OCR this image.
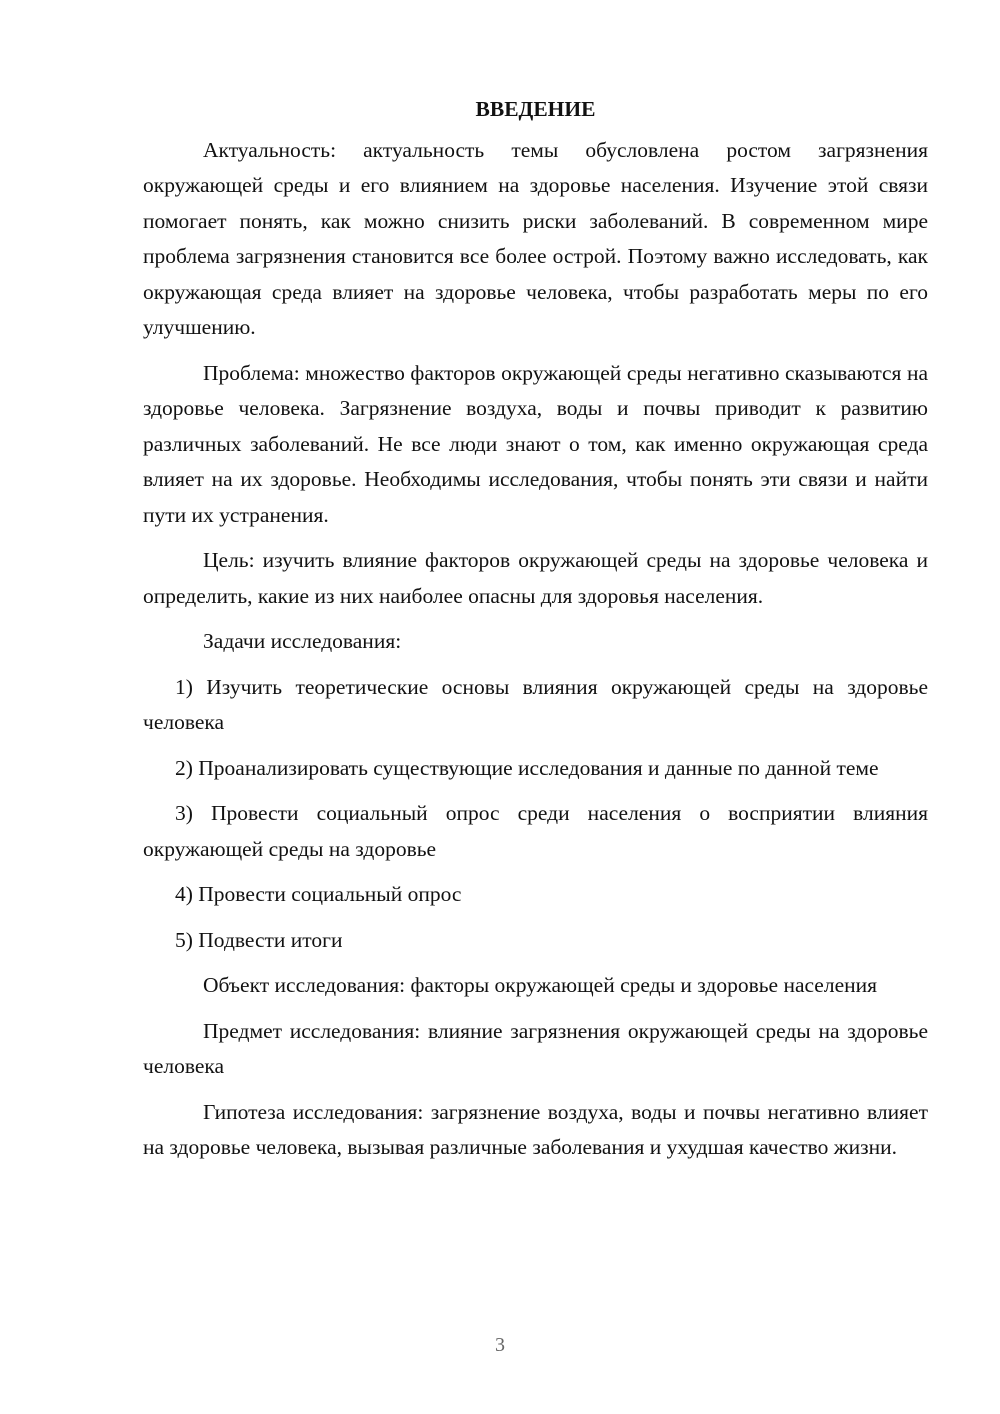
ВВЕДЕНИЕ

Актуальность: актуальность темы обусловлена ростом загрязнения окружающей среды и его влиянием на здоровье населения. Изучение этой связи помогает понять, как можно снизить риски заболеваний. В современном мире проблема загрязнения становится все более острой. Поэтому важно исследовать, как окружающая среда влияет на здоровье человека, чтобы разработать меры по его улучшению.

Проблема: множество факторов окружающей среды негативно сказываются на здоровье человека. Загрязнение воздуха, воды и почвы приводит к развитию различных заболеваний. Не все люди знают о том, как именно окружающая среда влияет на их здоровье. Необходимы исследования, чтобы понять эти связи и найти пути их устранения.

Цель: изучить влияние факторов окружающей среды на здоровье человека и определить, какие из них наиболее опасны для здоровья населения.

Задачи исследования:

1) Изучить теоретические основы влияния окружающей среды на здоровье человека

2) Проанализировать существующие исследования и данные по данной теме

3) Провести социальный опрос среди населения о восприятии влияния окружающей среды на здоровье

4) Провести социальный опрос

5) Подвести итоги

Объект исследования: факторы окружающей среды и здоровье населения

Предмет исследования: влияние загрязнения окружающей среды на здоровье человека

Гипотеза исследования: загрязнение воздуха, воды и почвы негативно влияет на здоровье человека, вызывая различные заболевания и ухудшая качество жизни.

3
